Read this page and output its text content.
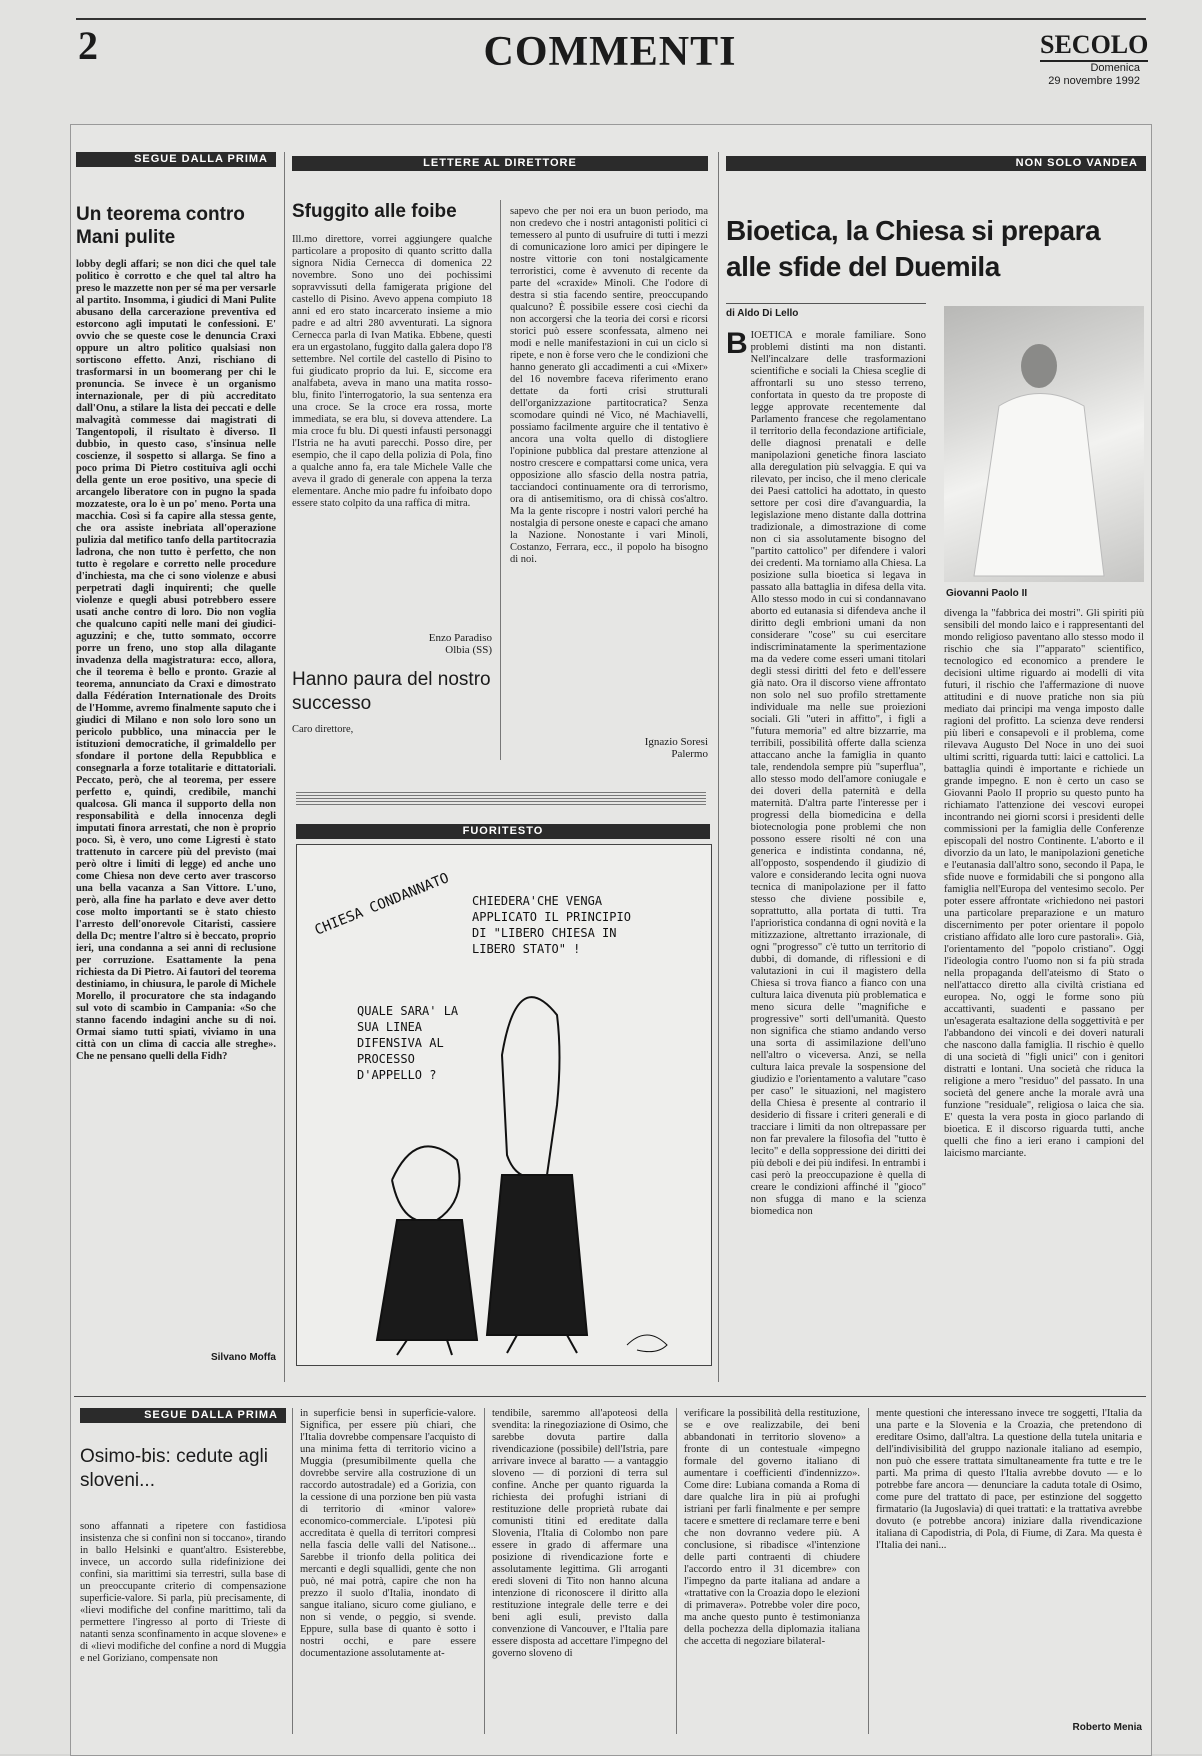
2	COMMENTI	SECOLO
Domenica
29 novembre 1992
SEGUE DALLA PRIMA
Un teorema contro Mani pulite
lobby degli affari; se non dici che quel tale politico è corrotto e che quel tal altro ha preso le mazzette non per sé ma per versarle al partito. Insomma, i giudici di Mani Pulite abusano della carcerazione preventiva ed estorcono agli imputati le confessioni. E' ovvio che se queste cose le denuncia Craxi oppure un altro politico qualsiasi non sortiscono effetto. Anzi, rischiano di trasformarsi in un boomerang per chi le pronuncia. Se invece è un organismo internazionale, per di più accreditato dall'Onu, a stilare la lista dei peccati e delle malvagità commesse dai magistrati di Tangentopoli, il risultato è diverso. Il dubbio, in questo caso, s'insinua nelle coscienze, il sospetto si allarga. Se fino a poco prima Di Pietro costituiva agli occhi della gente un eroe positivo, una specie di arcangelo liberatore con in pugno la spada mozzateste, ora lo è un po' meno. Porta una macchia. Così si fa capire alla stessa gente, che ora assiste inebriata all'operazione pulizia dal metifico tanfo della partitocrazia ladrona, che non tutto è perfetto, che non tutto è regolare e corretto nelle procedure d'inchiesta, ma che ci sono violenze e abusi perpetrati dagli inquirenti; che quelle violenze e quegli abusi potrebbero essere usati anche contro di loro. Dio non voglia che qualcuno capiti nelle mani dei giudici-aguzzini; e che, tutto sommato, occorre porre un freno, uno stop alla dilagante invadenza della magistratura: ecco, allora, che il teorema è bello e pronto. Grazie al teorema, annunciato da Craxi e dimostrato dalla Fédération Internationale des Droits de l'Homme, avremo finalmente saputo che i giudici di Milano e non solo loro sono un pericolo pubblico, una minaccia per le istituzioni democratiche, il grimaldello per sfondare il portone della Repubblica e consegnarla a forze totalitarie e dittatoriali. Peccato, però, che al teorema, per essere perfetto e, quindi, credibile, manchi qualcosa. Gli manca il supporto della non responsabilità e della innocenza degli imputati finora arrestati, che non è proprio poco. Sì, è vero, uno come Ligresti è stato trattenuto in carcere più del previsto (mai però oltre i limiti di legge) ed anche uno come Chiesa non deve certo aver trascorso una bella vacanza a San Vittore. L'uno, però, alla fine ha parlato e deve aver detto cose molto importanti se è stato chiesto l'arresto dell'onorevole Citaristi, cassiere della Dc; mentre l'altro si è beccato, proprio ieri, una condanna a sei anni di reclusione per corruzione. Esattamente la pena richiesta da Di Pietro. Ai fautori del teorema destiniamo, in chiusura, le parole di Michele Morello, il procuratore che sta indagando sul voto di scambio in Campania: «So che stanno facendo indagini anche su di noi. Ormai siamo tutti spiati, viviamo in una città con un clima di caccia alle streghe». Che ne pensano quelli della Fidh?
Silvano Moffa
LETTERE AL DIRETTORE
Sfuggito alle foibe
Ill.mo direttore, vorrei aggiungere qualche particolare a proposito di quanto scritto dalla signora Nidia Cernecca di domenica 22 novembre. Sono uno dei pochissimi sopravvissuti della famigerata prigione del castello di Pisino. Avevo appena compiuto 18 anni ed ero stato incarcerato insieme a mio padre e ad altri 280 avventurati. La signora Cernecca parla di Ivan Matika. Ebbene, questi era un ergastolano, fuggito dalla galera dopo l'8 settembre. Nel cortile del castello di Pisino to fui giudicato proprio da lui. E, siccome era analfabeta, aveva in mano una matita rosso-blu, finito l'interrogatorio, la sua sentenza era una croce. Se la croce era rossa, morte immediata, se era blu, si doveva attendere. La mia croce fu blu. Di questi infausti personaggi l'Istria ne ha avuti parecchi. Posso dire, per esempio, che il capo della polizia di Pola, fino a qualche anno fa, era tale Michele Valle che aveva il grado di generale con appena la terza elementare. Anche mio padre fu infoibato dopo essere stato colpito da una raffica di mitra.
Enzo Paradiso
Olbia (SS)
Hanno paura del nostro successo
Caro direttore,
sapevo che per noi era un buon periodo, ma non credevo che i nostri antagonisti politici ci temessero al punto di usufruire di tutti i mezzi di comunicazione loro amici per dipingere le nostre vittorie con toni nostalgicamente terroristici, come è avvenuto di recente da parte del «craxide» Minoli. Che l'odore di destra si stia facendo sentire, preoccupando qualcuno? È possibile essere così ciechi da non accorgersi che la teoria dei corsi e ricorsi storici può essere sconfessata, almeno nei modi e nelle manifestazioni in cui un ciclo si ripete, e non è forse vero che le condizioni che hanno generato gli accadimenti a cui «Mixer» del 16 novembre faceva riferimento erano dettate da forti crisi strutturali dell'organizzazione partitocratica? Senza scomodare quindi né Vico, né Machiavelli, possiamo facilmente arguire che il tentativo è ancora una volta quello di distogliere l'opinione pubblica dal prestare attenzione al nostro crescere e compattarsi come unica, vera opposizione allo sfascio della nostra patria, tacciandoci continuamente ora di terrorismo, ora di antisemitismo, ora di chissà cos'altro. Ma la gente riscopre i nostri valori perché ha nostalgia di persone oneste e capaci che amano la Nazione. Nonostante i vari Minoli, Costanzo, Ferrara, ecc., il popolo ha bisogno di noi.
Ignazio Soresi
Palermo
FUORITESTO
CHIESA CONDANNATO CHIEDERA'CHE VENGA APPLICATO IL PRINCIPIO DI "LIBERO CHIESA IN LIBERO STATO" !
QUALE SARA' LA SUA LINEA DIFENSIVA AL PROCESSO D'APPELLO ?
NON SOLO VANDEA
Bioetica, la Chiesa si prepara alle sfide del Duemila
di Aldo Di Lello
B IOETICA e morale familiare. Sono problemi distinti ma non distanti. Nell'incalzare delle trasformazioni scientifiche e sociali la Chiesa sceglie di affrontarli su uno stesso terreno, confortata in questo da tre proposte di legge approvate recentemente dal Parlamento francese che regolamentano il territorio della fecondazione artificiale, delle diagnosi prenatali e delle manipolazioni genetiche finora lasciato alla deregulation più selvaggia. E qui va rilevato, per inciso, che il meno clericale dei Paesi cattolici ha adottato, in questo settore per così dire d'avanguardia, la legislazione meno distante dalla dottrina tradizionale, a dimostrazione di come non ci sia assolutamente bisogno del "partito cattolico" per difendere i valori dei credenti. Ma torniamo alla Chiesa. La posizione sulla bioetica si legava in passato alla battaglia in difesa della vita. Allo stesso modo in cui si condannavano aborto ed eutanasia si difendeva anche il diritto degli embrioni umani da non considerare "cose" su cui esercitare indiscriminatamente la sperimentazione ma da vedere come esseri umani titolari degli stessi diritti del feto e dell'essere già nato. Ora il discorso viene affrontato non solo nel suo profilo strettamente individuale ma nelle sue proiezioni sociali. Gli "uteri in affitto", i figli a "futura memoria" ed altre bizzarrie, ma terribili, possibilità offerte dalla scienza attaccano anche la famiglia in quanto tale, rendendola sempre più "superflua", allo stesso modo dell'amore coniugale e dei doveri della paternità e della maternità. D'altra parte l'interesse per i progressi della biomedicina e della biotecnologia pone problemi che non possono essere risolti né con una generica e indistinta condanna, né, all'opposto, sospendendo il giudizio di valore e considerando lecita ogni nuova tecnica di manipolazione per il fatto stesso che diviene possibile e, soprattutto, alla portata di tutti. Tra l'aprioristica condanna di ogni novità e la mitizzazione, altrettanto irrazionale, di ogni "progresso" c'è tutto un territorio di dubbi, di domande, di riflessioni e di valutazioni in cui il magistero della Chiesa si trova fianco a fianco con una cultura laica divenuta più problematica e meno sicura delle "magnifiche e progressive" sorti dell'umanità. Questo non significa che stiamo andando verso una sorta di assimilazione dell'uno nell'altro o viceversa. Anzi, se nella cultura laica prevale la sospensione del giudizio e l'orientamento a valutare "caso per caso" le situazioni, nel magistero della Chiesa è presente al contrario il desiderio di fissare i criteri generali e di tracciare i limiti da non oltrepassare per non far prevalere la filosofia del "tutto è lecito" e della soppressione dei diritti dei più deboli e dei più indifesi. In entrambi i casi però la preoccupazione è quella di creare le condizioni affinché il "gioco" non sfugga di mano e la scienza biomedica non
Giovanni Paolo II
divenga la "fabbrica dei mostri". Gli spiriti più sensibili del mondo laico e i rappresentanti del mondo religioso paventano allo stesso modo il rischio che sia l'"apparato" scientifico, tecnologico ed economico a prendere le decisioni ultime riguardo ai modelli di vita futuri, il rischio che l'affermazione di nuove attitudini e di nuove pratiche non sia più mediato dai principi ma venga imposto dalle ragioni del profitto. La scienza deve rendersi più liberi e consapevoli e il problema, come rilevava Augusto Del Noce in uno dei suoi ultimi scritti, riguarda tutti: laici e cattolici. La battaglia quindi è importante e richiede un grande impegno. E non è certo un caso se Giovanni Paolo II proprio su questo punto ha richiamato l'attenzione dei vescovi europei incontrando nei giorni scorsi i presidenti delle commissioni per la famiglia delle Conferenze episcopali del nostro Continente. L'aborto e il divorzio da un lato, le manipolazioni genetiche e l'eutanasia dall'altro sono, secondo il Papa, le sfide nuove e formidabili che si pongono alla famiglia nell'Europa del ventesimo secolo. Per poter essere affrontate «richiedono nei pastori una particolare preparazione e un maturo discernimento per poter orientare il popolo cristiano affidato alle loro cure pastorali». Già, l'orientamento del "popolo cristiano". Oggi l'ideologia contro l'uomo non si fa più strada nella propaganda dell'ateismo di Stato o nell'attacco diretto alla civiltà cristiana ed europea. No, oggi le forme sono più accattivanti, suadenti e passano per un'esagerata esaltazione della soggettività e per l'abbandono dei vincoli e dei doveri naturali che nascono dalla famiglia. Il rischio è quello di una società di "figli unici" con i genitori distratti e lontani. Una società che riduca la religione a mero "residuo" del passato. In una società del genere anche la morale avrà una funzione "residuale", religiosa o laica che sia. E' questa la vera posta in gioco parlando di bioetica. E il discorso riguarda tutti, anche quelli che fino a ieri erano i campioni del laicismo marciante.
SEGUE DALLA PRIMA
Osimo-bis: cedute agli sloveni...
sono affannati a ripetere con fastidiosa insistenza che si confini non si toccano», tirando in ballo Helsinki e quant'altro. Esisterebbe, invece, un accordo sulla ridefinizione dei confini, sia marittimi sia terrestri, sulla base di un preoccupante criterio di compensazione superficie-valore. Si parla, più precisamente, di «lievi modifiche del confine marittimo, tali da permettere l'ingresso al porto di Trieste di natanti senza sconfinamento in acque slovene» e di «lievi modifiche del confine a nord di Muggia e nel Goriziano, compensate non
in superficie bensì in superficie-valore. Significa, per essere più chiari, che l'Italia dovrebbe compensare l'acquisto di una minima fetta di territorio vicino a Muggia (presumibilmente quella che dovrebbe servire alla costruzione di un raccordo autostradale) ed a Gorizia, con la cessione di una porzione ben più vasta di territorio di «minor valore» economico-commerciale. L'ipotesi più accreditata è quella di territori compresi nella fascia delle valli del Natisone... Sarebbe il trionfo della politica dei mercanti e degli squallidi, gente che non può, né mai potrà, capire che non ha prezzo il suolo d'Italia, inondato di sangue italiano, sicuro come giuliano, e non si vende, o peggio, si svende. Eppure, sulla base di quanto è sotto i nostri occhi, e pare essere documentazione assolutamente at-
tendibile, saremmo all'apoteosi della svendita: la rinegoziazione di Osimo, che sarebbe dovuta partire dalla rivendicazione (possibile) dell'Istria, pare arrivare invece al baratto — a vantaggio sloveno — di porzioni di terra sul confine. Anche per quanto riguarda la richiesta dei profughi istriani di restituzione delle proprietà rubate dai comunisti titini ed ereditate dalla Slovenia, l'Italia di Colombo non pare essere in grado di affermare una posizione di rivendicazione forte e assolutamente legittima. Gli arroganti eredi sloveni di Tito non hanno alcuna intenzione di riconoscere il diritto alla restituzione integrale delle terre e dei beni agli esuli, previsto dalla convenzione di Vancouver, e l'Italia pare essere disposta ad accettare l'impegno del governo sloveno di
verificare la possibilità della restituzione, se e ove realizzabile, dei beni abbandonati in territorio sloveno» a fronte di un contestuale «impegno formale del governo italiano di aumentare i coefficienti d'indennizzo». Come dire: Lubiana comanda a Roma di dare qualche lira in più ai profughi istriani per farli finalmente e per sempre tacere e smettere di reclamare terre e beni che non dovranno vedere più. A conclusione, si ribadisce «l'intenzione delle parti contraenti di chiudere l'accordo entro il 31 dicembre» con l'impegno da parte italiana ad andare a «trattative con la Croazia dopo le elezioni di primavera». Potrebbe voler dire poco, ma anche questo punto è testimonianza della pochezza della diplomazia italiana che accetta di negoziare bilateral-
mente questioni che interessano invece tre soggetti, l'Italia da una parte e la Slovenia e la Croazia, che pretendono di ereditare Osimo, dall'altra. La questione della tutela unitaria e dell'indivisibilità del gruppo nazionale italiano ad esempio, non può che essere trattata simultaneamente fra tutte e tre le parti. Ma prima di questo l'Italia avrebbe dovuto — e lo potrebbe fare ancora — denunciare la caduta totale di Osimo, come pure del trattato di pace, per estinzione del soggetto firmatario (la Jugoslavia) di quei trattati: e la trattativa avrebbe dovuto (e potrebbe ancora) iniziare dalla rivendicazione italiana di Capodistria, di Pola, di Fiume, di Zara. Ma questa è l'Italia dei nani...
Roberto Menia
